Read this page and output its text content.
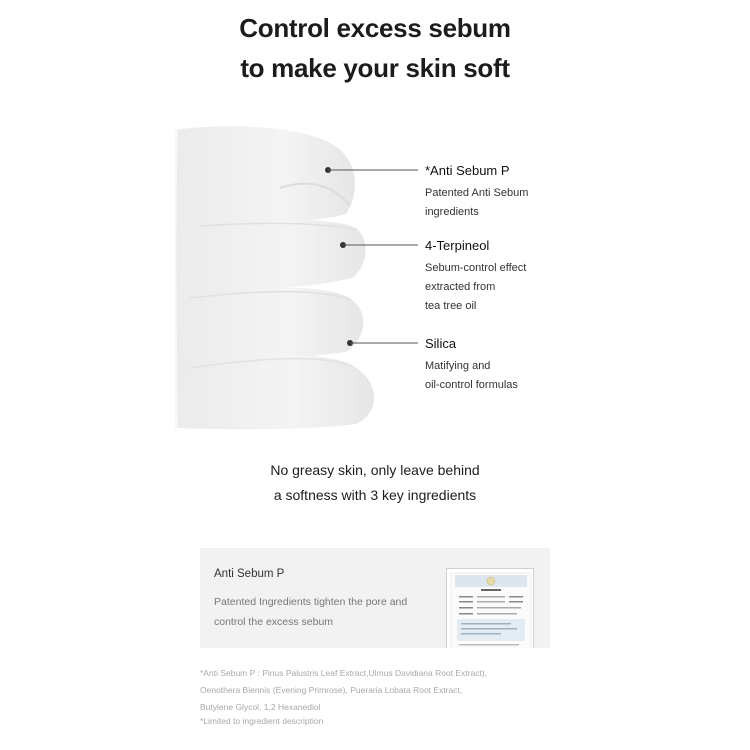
Control excess sebum
to make your skin soft
*Anti Sebum P
Patented Anti Sebum
ingredients
4-Terpineol
Sebum-control effect
extracted from
tea tree oil
Silica
Matifying and
oil-control formulas
No greasy skin, only leave behind
a softness with 3 key ingredients
Anti Sebum P
Patented Ingredients tighten the pore and
control the excess sebum
*Anti Sebum P : Pinus Palustris Leaf Extract,Ulmus Davidiana Root Extract),
Oenothera Biennis (Evening Primrose), Pueraria Lobata Root Extract,
Butylene Glycol, 1,2 Hexanediol
*Limited to ingredient description
